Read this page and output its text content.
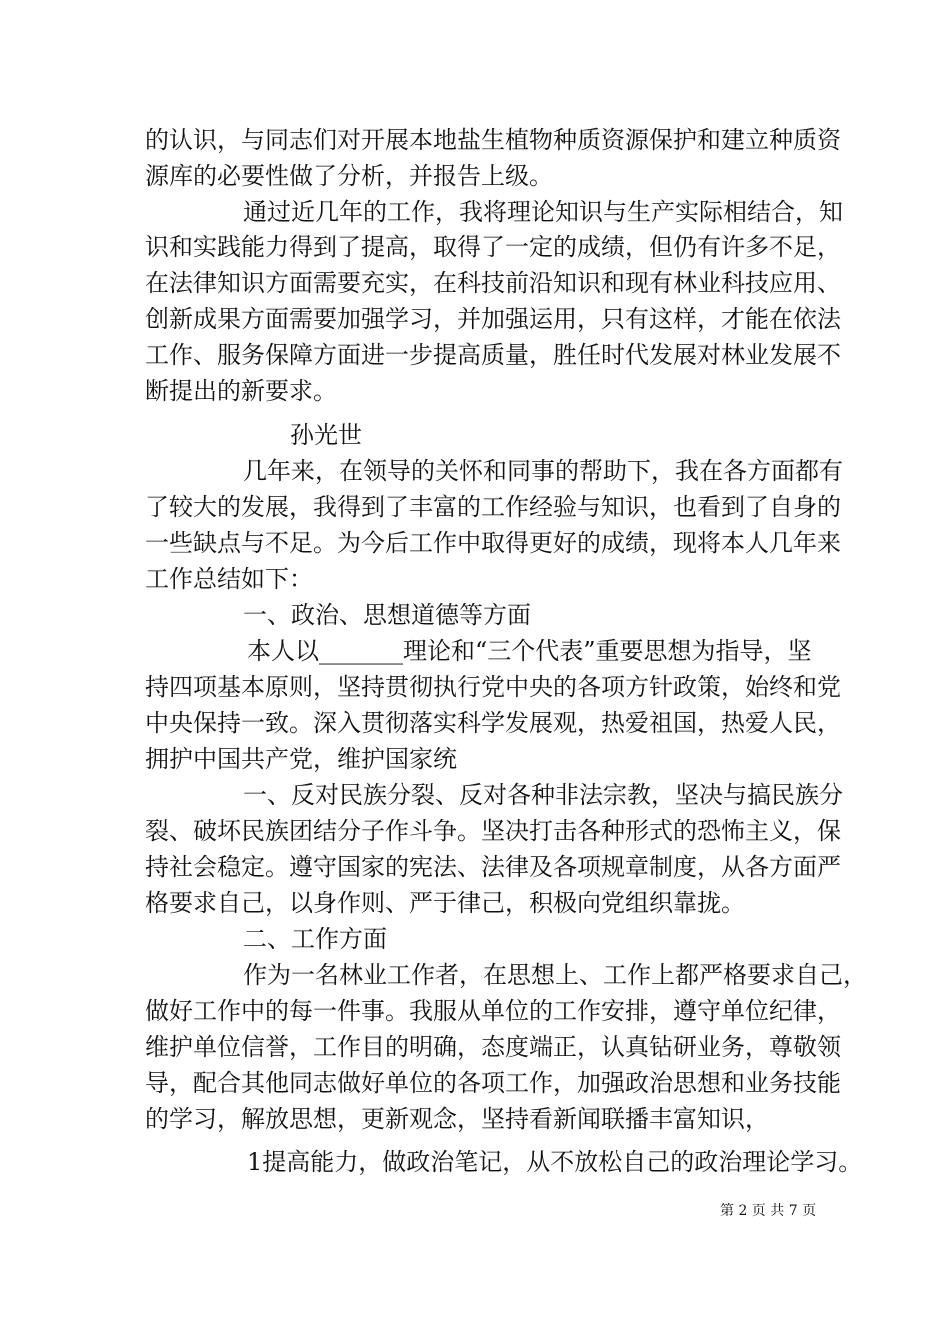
的认识，与同志们对开展本地盐生植物种质资源保护和建立种质资
源库的必要性做了分析，并报告上级。
通过近几年的工作，我将理论知识与生产实际相结合，知
识和实践能力得到了提高，取得了一定的成绩，但仍有许多不足，
在法律知识方面需要充实，在科技前沿知识和现有林业科技应用、
创新成果方面需要加强学习，并加强运用，只有这样，才能在依法
工作、服务保障方面进一步提高质量，胜任时代发展对林业发展不
断提出的新要求。
孙光世
几年来，在领导的关怀和同事的帮助下，我在各方面都有
了较大的发展，我得到了丰富的工作经验与知识，也看到了自身的
一些缺点与不足。为今后工作中取得更好的成绩，现将本人几年来
工作总结如下：
一、政治、思想道德等方面
本人以_______理论和“三个代表”重要思想为指导，坚
持四项基本原则，坚持贯彻执行党中央的各项方针政策，始终和党
中央保持一致。深入贯彻落实科学发展观，热爱祖国，热爱人民，
拥护中国共产党，维护国家统
一、反对民族分裂、反对各种非法宗教，坚决与搞民族分
裂、破坏民族团结分子作斗争。坚决打击各种形式的恐怖主义，保
持社会稳定。遵守国家的宪法、法律及各项规章制度，从各方面严
格要求自己，以身作则、严于律己，积极向党组织靠拢。
二、工作方面
作为一名林业工作者，在思想上、工作上都严格要求自己，
做好工作中的每一件事。我服从单位的工作安排，遵守单位纪律，
维护单位信誉，工作目的明确，态度端正，认真钻研业务，尊敬领
导，配合其他同志做好单位的各项工作，加强政治思想和业务技能
的学习，解放思想，更新观念，坚持看新闻联播丰富知识，
1提高能力，做政治笔记，从不放松自己的政治理论学习。
第 2 页 共 7 页
